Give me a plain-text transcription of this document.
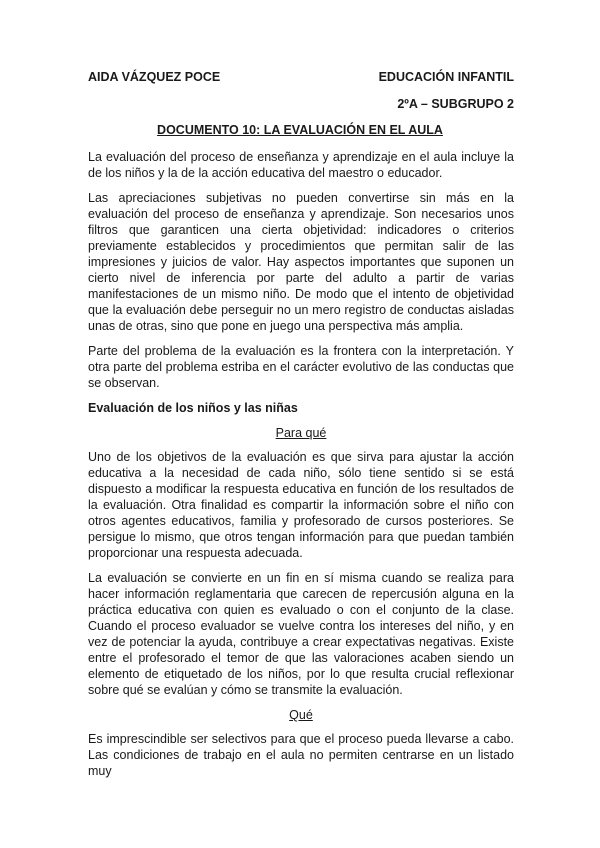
AIDA VÁZQUEZ POCE	EDUCACIÓN INFANTIL
2ºA – SUBGRUPO 2
DOCUMENTO 10: LA EVALUACIÓN EN EL AULA

La evaluación del proceso de enseñanza y aprendizaje en el aula incluye la de los niños y la de la acción educativa del maestro o educador.

Las apreciaciones subjetivas no pueden convertirse sin más en la evaluación del proceso de enseñanza y aprendizaje. Son necesarios unos filtros que garanticen una cierta objetividad: indicadores o criterios previamente establecidos y procedimientos que permitan salir de las impresiones y juicios de valor. Hay aspectos importantes que suponen un cierto nivel de inferencia por parte del adulto a partir de varias manifestaciones de un mismo niño. De modo que el intento de objetividad que la evaluación debe perseguir no un mero registro de conductas aisladas unas de otras, sino que pone en juego una perspectiva más amplia.

Parte del problema de la evaluación es la frontera con la interpretación. Y otra parte del problema estriba en el carácter evolutivo de las conductas que se observan.

Evaluación de los niños y las niñas
Para qué

Uno de los objetivos de la evaluación es que sirva para ajustar la acción educativa a la necesidad de cada niño, sólo tiene sentido si se está dispuesto a modificar la respuesta educativa en función de los resultados de la evaluación. Otra finalidad es compartir la información sobre el niño con otros agentes educativos, familia y profesorado de cursos posteriores. Se persigue lo mismo, que otros tengan información para que puedan también proporcionar una respuesta adecuada.

La evaluación se convierte en un fin en sí misma cuando se realiza para hacer información reglamentaria que carecen de repercusión alguna en la práctica educativa con quien es evaluado o con el conjunto de la clase. Cuando el proceso evaluador se vuelve contra los intereses del niño, y en vez de potenciar la ayuda, contribuye a crear expectativas negativas. Existe entre el profesorado el temor de que las valoraciones acaben siendo un elemento de etiquetado de los niños, por lo que resulta crucial reflexionar sobre qué se evalúan y cómo se transmite la evaluación.

Qué

Es imprescindible ser selectivos para que el proceso pueda llevarse a cabo. Las condiciones de trabajo en el aula no permiten centrarse en un listado muy
